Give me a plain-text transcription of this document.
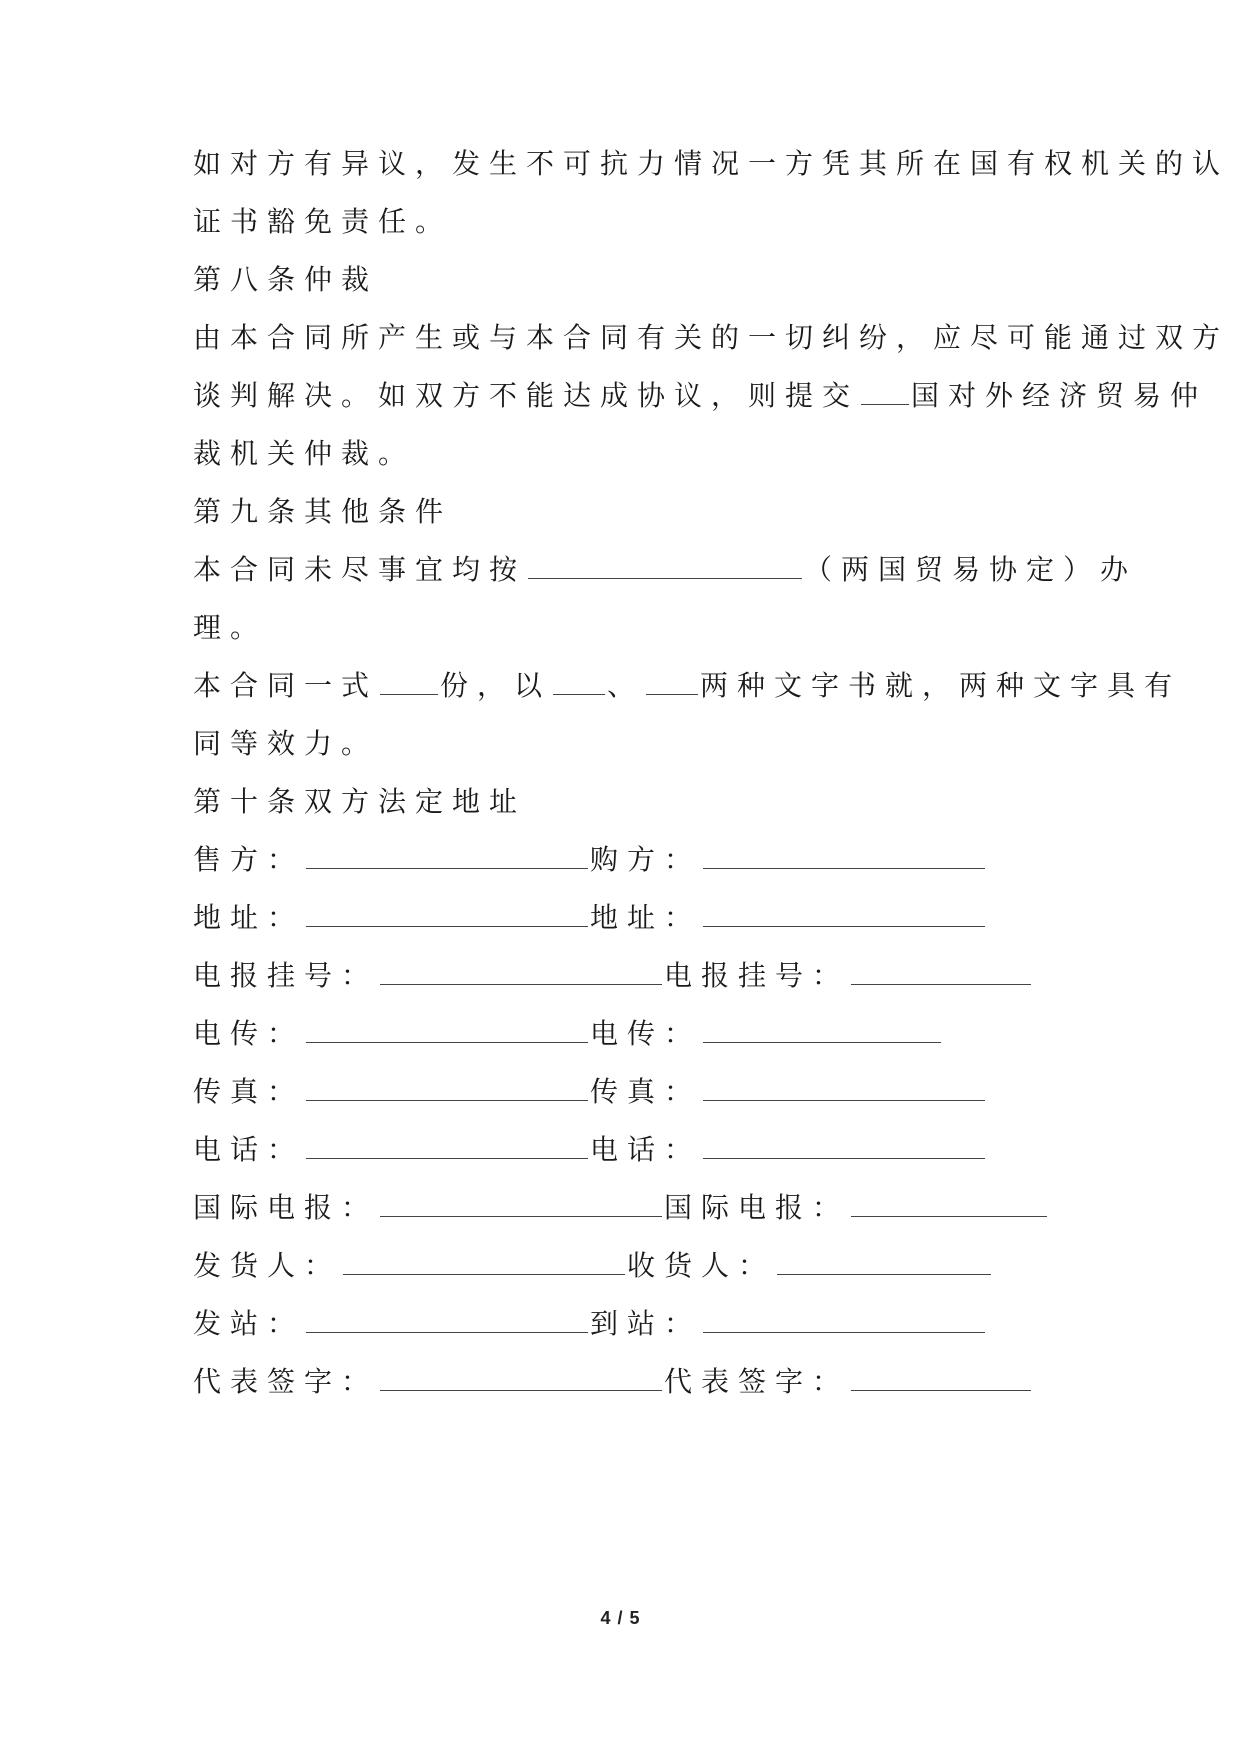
如对方有异议，发生不可抗力情况一方凭其所在国有权机关的认
证书豁免责任。
第八条仲裁
由本合同所产生或与本合同有关的一切纠纷，应尽可能通过双方
谈判解决。如双方不能达成协议，则提交 国对外经济贸易仲
裁机关仲裁。
第九条其他条件
本合同未尽事宜均按	（两国贸易协定）办
理。
本合同一式 份，以 、 两种文字书就，两种文字具有
同等效力。
第十条双方法定地址
售方：	购方：
地址：	地址：
电报挂号：	电报挂号：
电传：	电传：
传真：	传真：
电话：	电话：
国际电报：	国际电报：
发货人：	收货人：
发站：	到站：
代表签字：	代表签字：
4 / 5
